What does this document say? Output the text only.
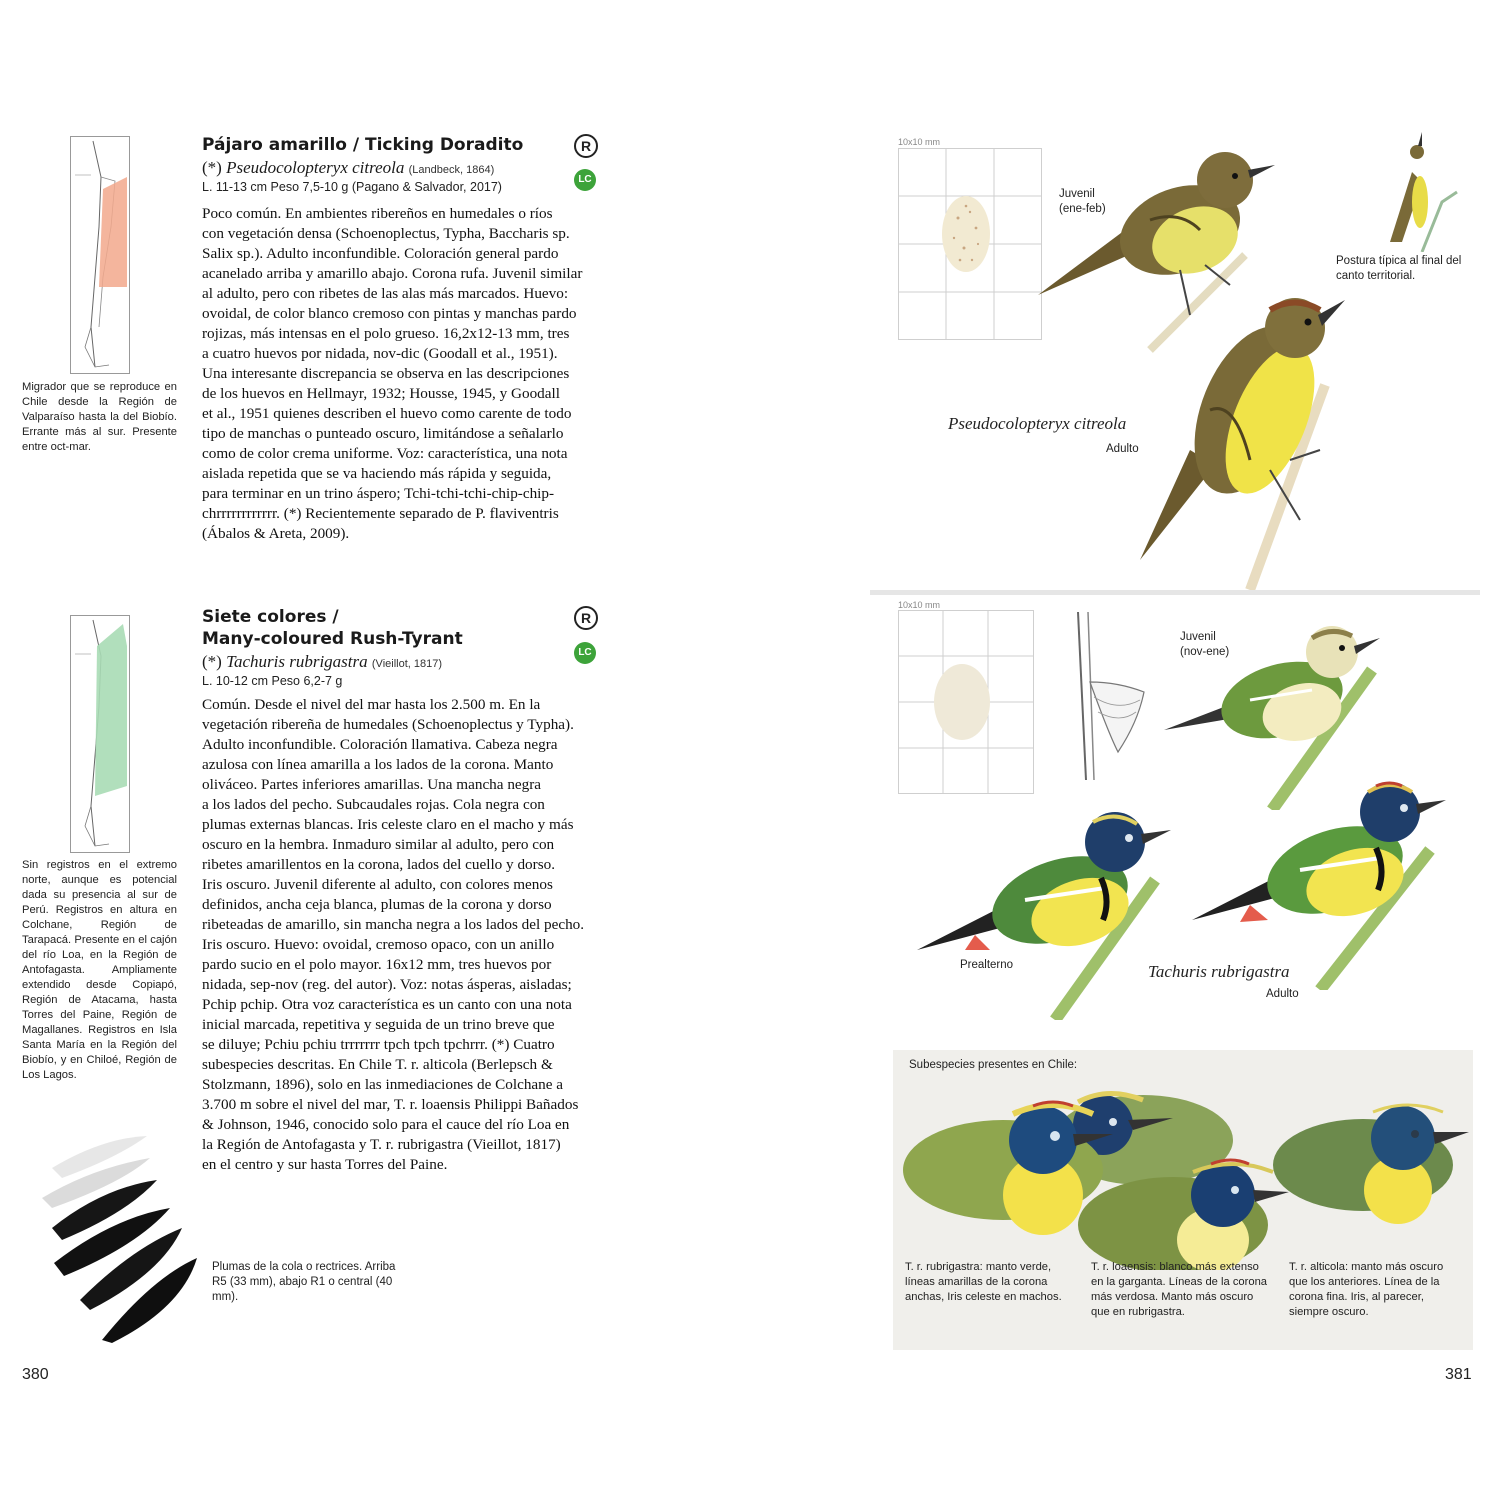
Migrador que se reproduce en Chile desde la Región de Valparaíso hasta la del Biobío. Errante más al sur. Presente entre oct-mar.
Pájaro amarillo / Ticking Doradito	R
LC
(*) Pseudocolopteryx citreola (Landbeck, 1864)
L. 11-13 cm Peso 7,5-10 g (Pagano & Salvador, 2017)
Poco común. En ambientes ribereños en humedales o ríos
con vegetación densa (Schoenoplectus, Typha, Baccharis sp.
Salix sp.). Adulto inconfundible. Coloración general pardo
acanelado arriba y amarillo abajo. Corona rufa. Juvenil similar
al adulto, pero con ribetes de las alas más marcados. Huevo:
ovoidal, de color blanco cremoso con pintas y manchas pardo
rojizas, más intensas en el polo grueso. 16,2x12-13 mm, tres
a cuatro huevos por nidada, nov-dic (Goodall et al., 1951).
Una interesante discrepancia se observa en las descripciones
de los huevos en Hellmayr, 1932; Housse, 1945, y Goodall
et al., 1951 quienes describen el huevo como carente de todo
tipo de manchas o punteado oscuro, limitándose a señalarlo
como de color crema uniforme. Voz: característica, una nota
aislada repetida que se va haciendo más rápida y seguida,
para terminar en un trino áspero; Tchi-tchi-tchi-chip-chip-
chrrrrrrrrrrrr. (*) Recientemente separado de P. flaviventris
(Ábalos & Areta, 2009).
Sin registros en el extremo norte, aunque es potencial dada su presencia al sur de Perú. Registros en altura en Colchane, Región de Tarapacá. Presente en el cajón del río Loa, en la Región de Antofagasta. Ampliamente extendido desde Copiapó, Región de Atacama, hasta Torres del Paine, Región de Magallanes. Registros en Isla Santa María en la Región del Biobío, y en Chiloé, Región de Los Lagos.
Siete colores /
Many-coloured Rush-Tyrant
R
LC
(*) Tachuris rubrigastra (Vieillot, 1817)
L. 10-12 cm Peso 6,2-7 g
Común. Desde el nivel del mar hasta los 2.500 m. En la
vegetación ribereña de humedales (Schoenoplectus y Typha).
Adulto inconfundible. Coloración llamativa. Cabeza negra
azulosa con línea amarilla a los lados de la corona. Manto
oliváceo. Partes inferiores amarillas. Una mancha negra
a los lados del pecho. Subcaudales rojas. Cola negra con
plumas externas blancas. Iris celeste claro en el macho y más
oscuro en la hembra. Inmaduro similar al adulto, pero con
ribetes amarillentos en la corona, lados del cuello y dorso.
Iris oscuro. Juvenil diferente al adulto, con colores menos
definidos, ancha ceja blanca, plumas de la corona y dorso
ribeteadas de amarillo, sin mancha negra a los lados del pecho.
Iris oscuro. Huevo: ovoidal, cremoso opaco, con un anillo
pardo sucio en el polo mayor. 16x12 mm, tres huevos por
nidada, sep-nov (reg. del autor). Voz: notas ásperas, aisladas;
Pchip pchip. Otra voz característica es un canto con una nota
inicial marcada, repetitiva y seguida de un trino breve que
se diluye; Pchiu pchiu trrrrrrr tpch tpch tpchrrr. (*) Cuatro
subespecies descritas. En Chile T. r. alticola (Berlepsch &
Stolzmann, 1896), solo en las inmediaciones de Colchane a
3.700 m sobre el nivel del mar, T. r. loaensis Philippi Bañados
& Johnson, 1946, conocido solo para el cauce del río Loa en
la Región de Antofagasta y T. r. rubrigastra (Vieillot, 1817)
en el centro y sur hasta Torres del Paine.
Plumas de la cola o rectrices. Arriba R5 (33 mm), abajo R1 o central (40 mm).
380
10x10 mm
Juvenil (ene-feb)
Postura típica al final del canto territorial.
Pseudocolopteryx citreola
Adulto
10x10 mm
Juvenil (nov-ene)
Prealterno	Tachuris rubrigastra
Adulto
Subespecies presentes en Chile:
T. r. rubrigastra: manto verde, líneas amarillas de la corona anchas, Iris celeste en machos.
T. r. loaensis: blanco más extenso en la garganta. Líneas de la corona más verdosa. Manto más oscuro que en rubrigastra.
T. r. alticola: manto más oscuro que los anteriores. Línea de la corona fina. Iris, al parecer, siempre oscuro.
381
